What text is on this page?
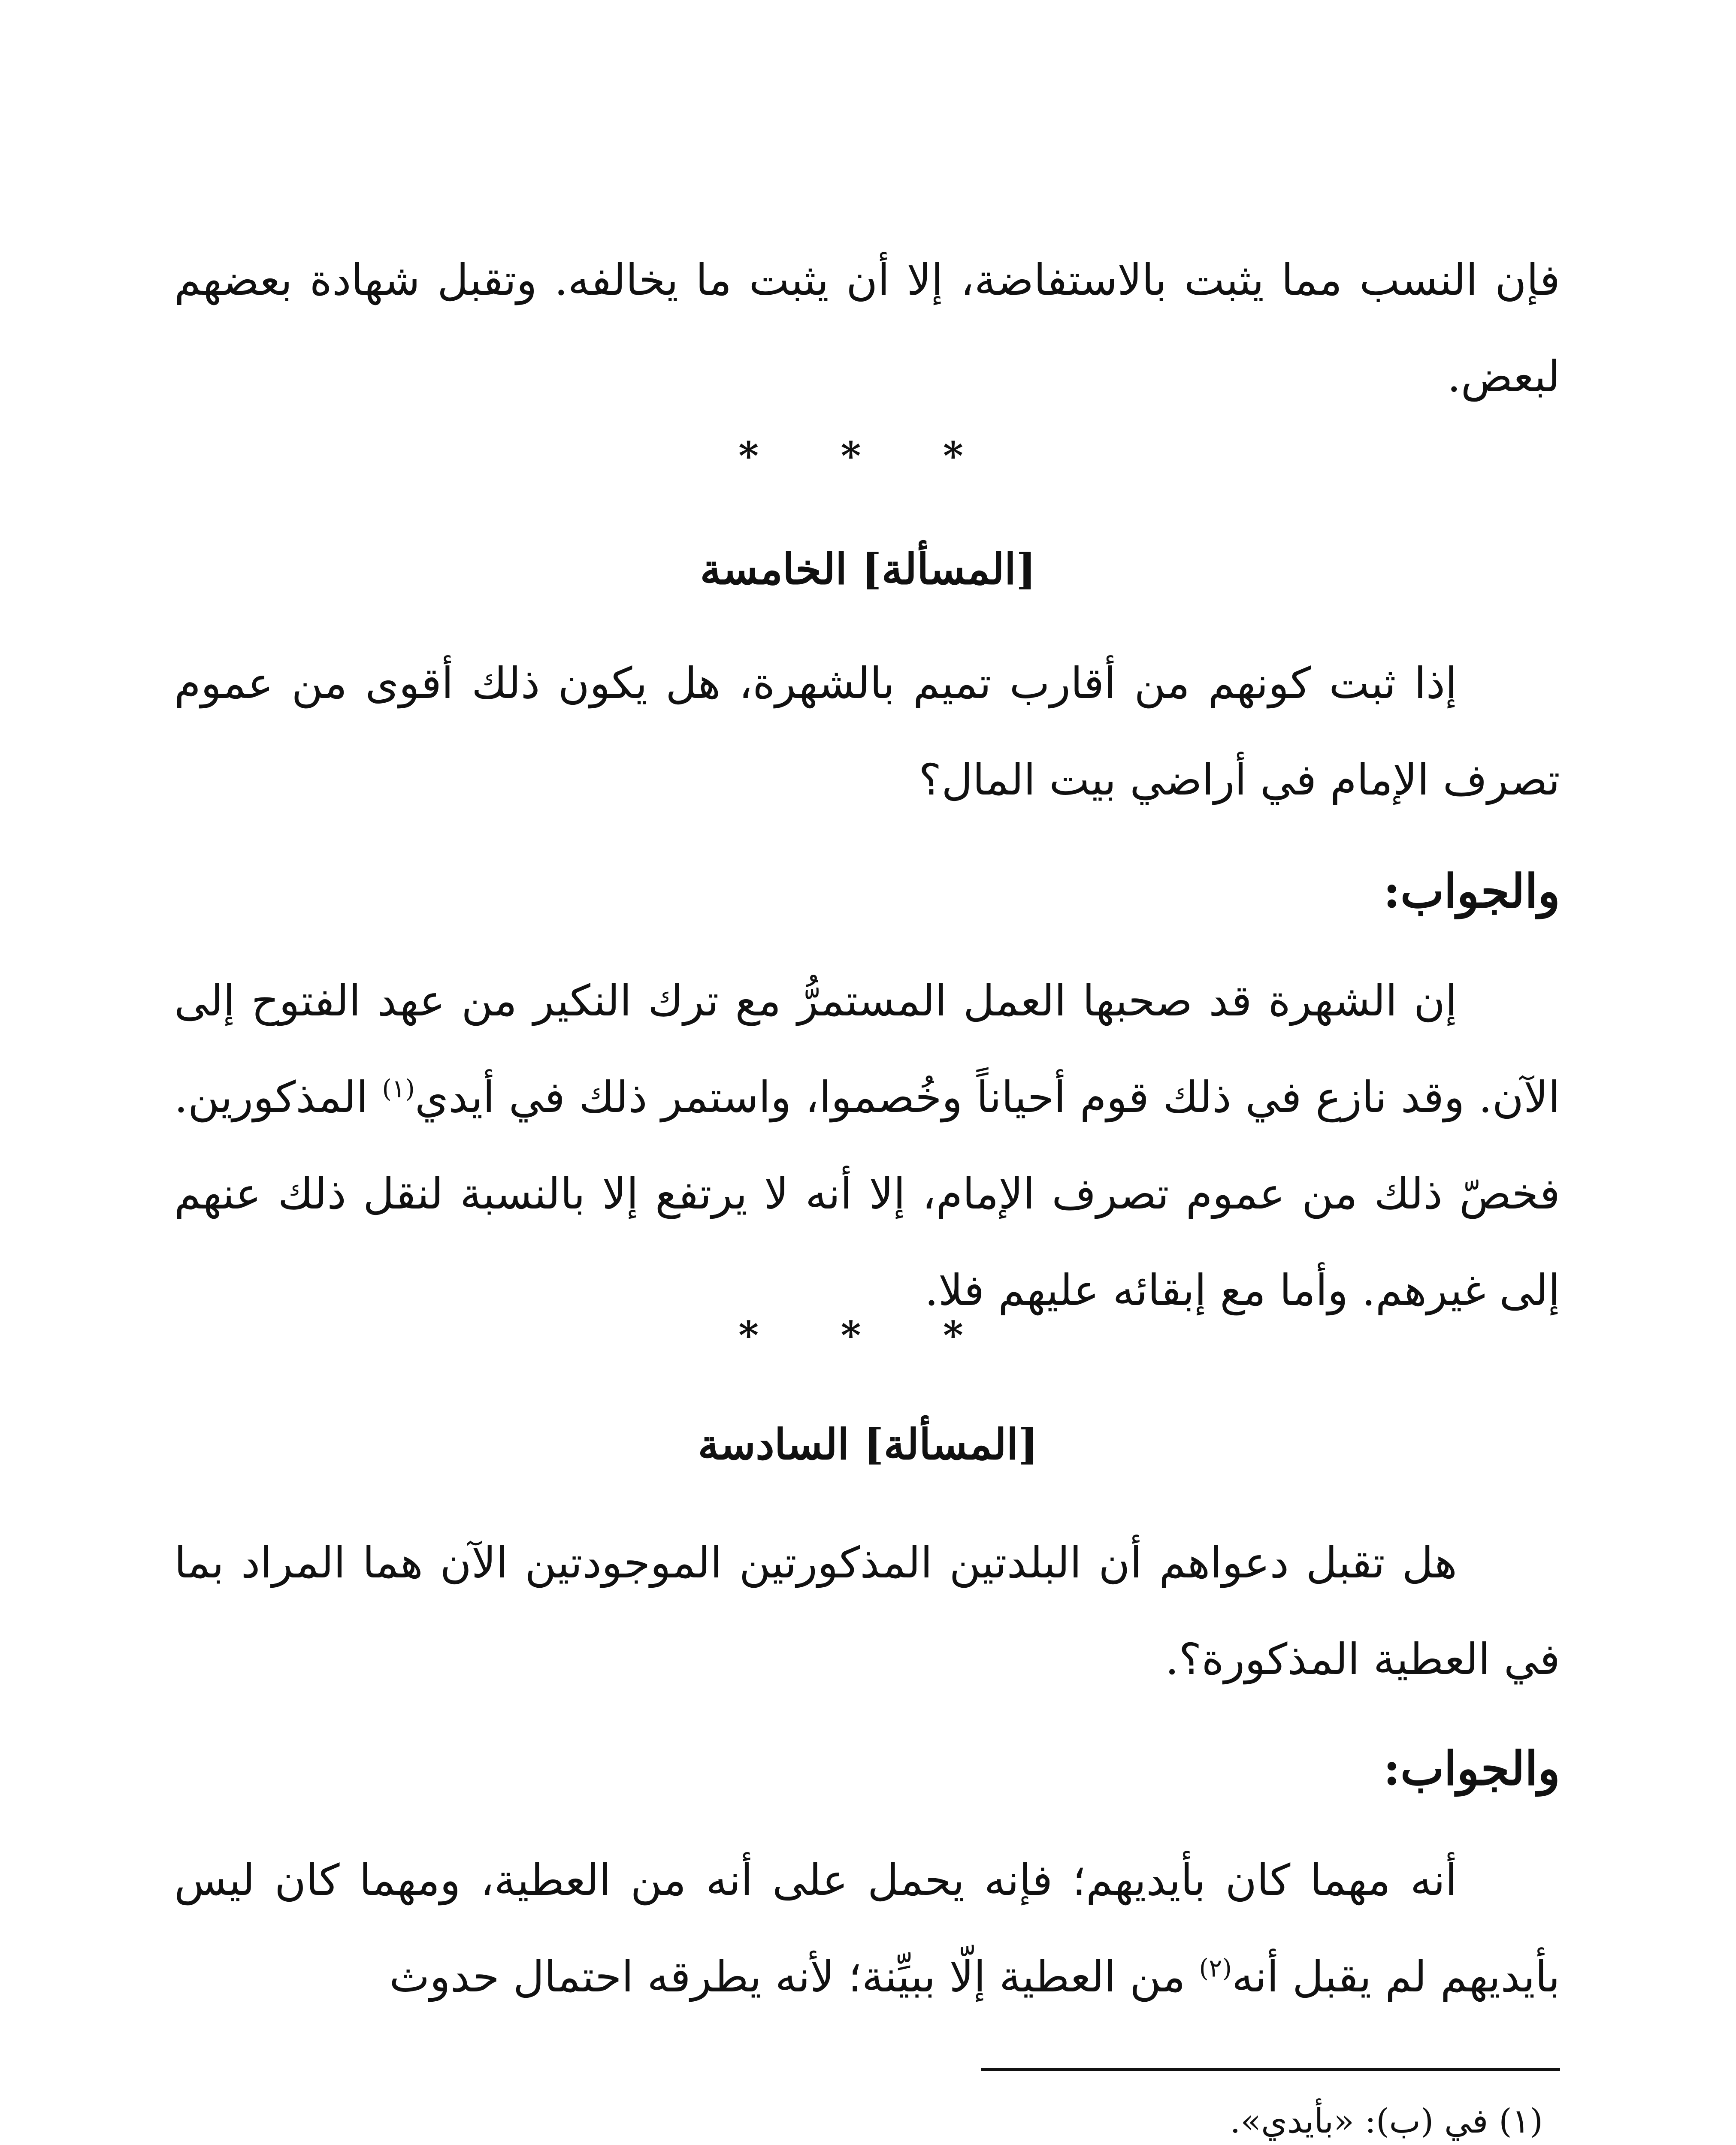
فإن النسب مما يثبت بالاستفاضة، إلا أن يثبت ما يخالفه. وتقبل شهادة بعضهم لبعض.

* * *

[المسألة] الخامسة

إذا ثبت كونهم من أقارب تميم بالشهرة، هل يكون ذلك أقوى من عموم تصرف الإمام في أراضي بيت المال؟

والجواب:

إن الشهرة قد صحبها العمل المستمرُّ مع ترك النكير من عهد الفتوح إلى الآن. وقد نازع في ذلك قوم أحياناً وخُصموا، واستمر ذلك في أيدي$^{(١)}$ المذكورين. فخصّ ذلك من عموم تصرف الإمام، إلا أنه لا يرتفع إلا بالنسبة لنقل ذلك عنهم إلى غيرهم. وأما مع إبقائه عليهم فلا.

* * *

[المسألة] السادسة

هل تقبل دعواهم أن البلدتين المذكورتين الموجودتين الآن هما المراد بما في العطية المذكورة؟.

والجواب:

أنه مهما كان بأيديهم؛ فإنه يحمل على أنه من العطية، ومهما كان ليس بأيديهم لم يقبل أنه$^{(٢)}$ من العطية إلّا ببيِّنة؛ لأنه يطرقه احتمال حدوث

(١) في (ب): «بأيدي».
